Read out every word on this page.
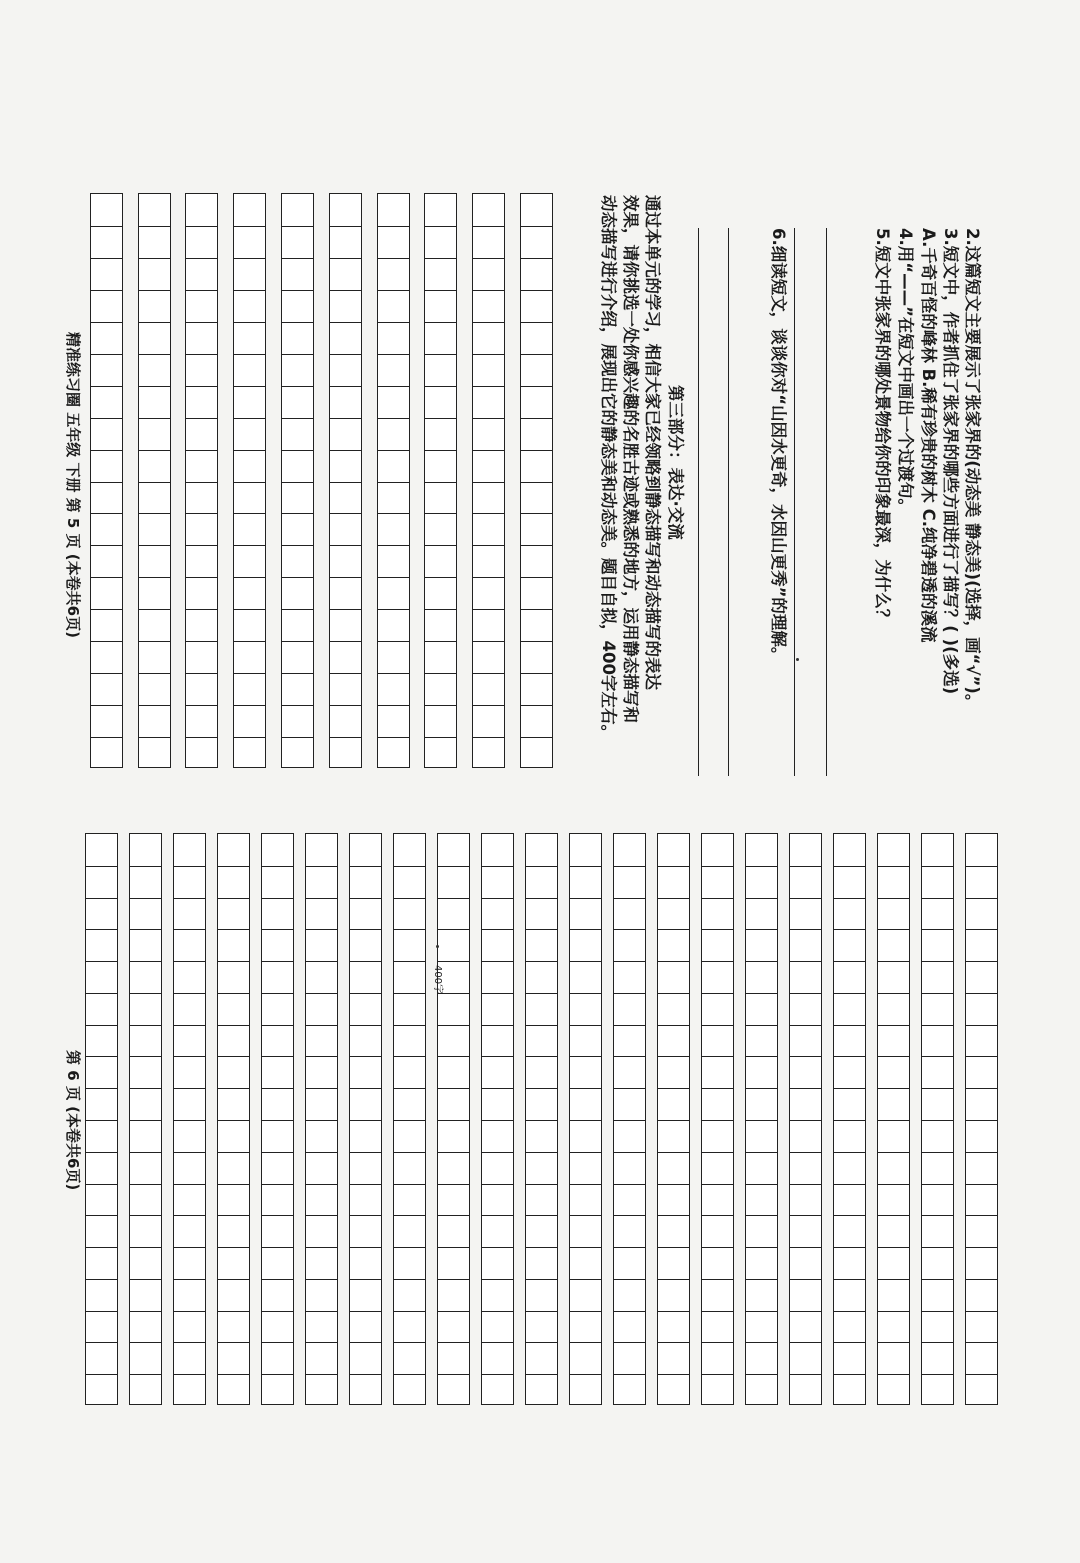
2.这篇短文主要展示了张家界的(动态美 静态美)(选择，画“√”)。
3.短文中，作者抓住了张家界的哪些方面进行了描写？( )(多选)
A.千奇百怪的峰林 B.稀有珍贵的树木 C.纯净碧透的溪流
4.用“——”在短文中画出一个过渡句。
5.短文中张家界的哪处景物给你的印象最深，为什么？
6.细读短文，谈谈你对“山因水更奇，水因山更秀”的理解。
第三部分：表达·交流
通过本单元的学习，相信大家已经领略到静态描写和动态描写的表达
效果，请你挑选一处你感兴趣的名胜古迹或熟悉的地方，运用静态描写和
动态描写进行介绍，展现出它的静态美和动态美。题目自拟，400字左右。
精准练习圈 五年级 下册 第 5 页 (本卷共6页)
400字
第 6 页 (本卷共6页)
